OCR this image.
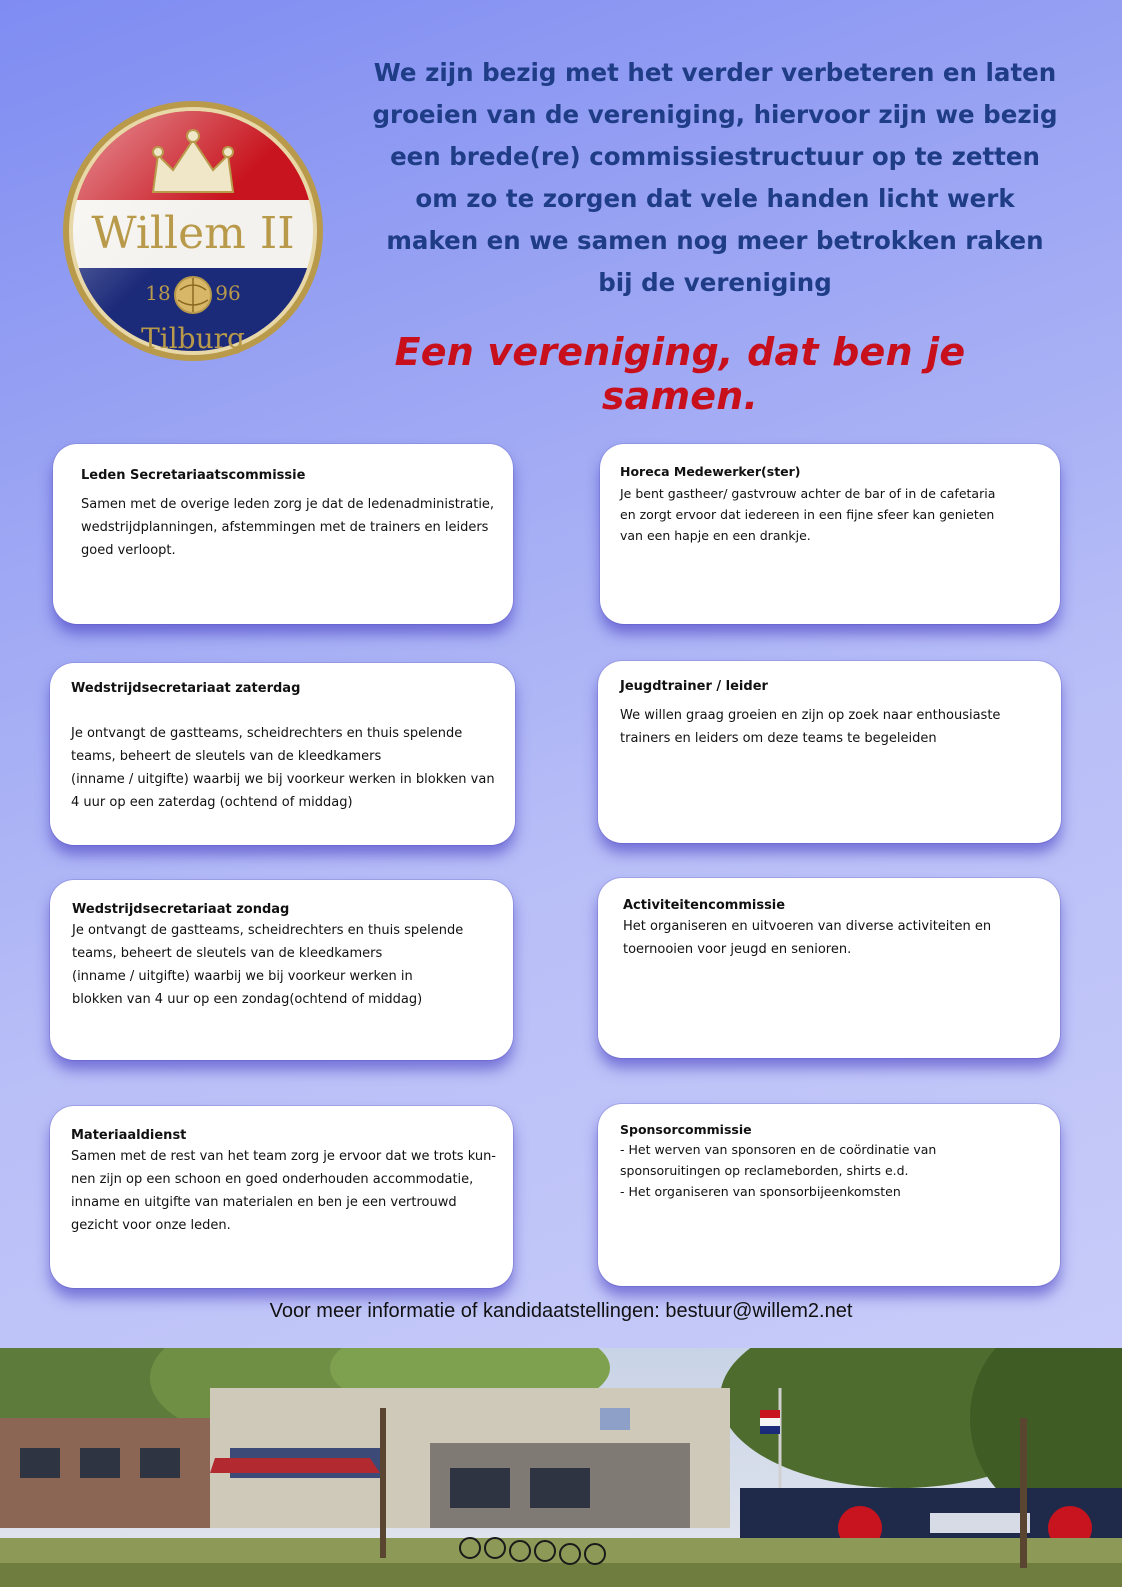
Willem II
18 96
Tilburg
We zijn bezig met het verder verbeteren en laten groeien van de vereniging, hiervoor zijn we bezig een brede(re) commissiestructuur op te zetten om zo te zorgen dat vele handen licht werk maken en we samen nog meer betrokken raken bij de vereniging
Een vereniging, dat ben je samen.
Leden Secretariaatscommissie

Samen met de overige leden zorg je dat de ledenadministratie,
wedstrijdplanningen, afstemmingen met de trainers en leiders
goed verloopt.

Horeca Medewerker(ster)

Je bent gastheer/ gastvrouw achter de bar of in de cafetaria
en zorgt ervoor dat iedereen in een fijne sfeer kan genieten
van een hapje en een drankje.

Wedstrijdsecretariaat zaterdag

Je ontvangt de gastteams, scheidrechters en thuis spelende
teams, beheert de sleutels van de kleedkamers
(inname / uitgifte) waarbij we bij voorkeur werken in blokken van
4 uur op een zaterdag (ochtend of middag)

Jeugdtrainer / leider

We willen graag groeien en zijn op zoek naar enthousiaste
trainers en leiders om deze teams te begeleiden

Wedstrijdsecretariaat zondag

Je ontvangt de gastteams, scheidrechters en thuis spelende
teams, beheert de sleutels van de kleedkamers
(inname / uitgifte) waarbij we bij voorkeur werken in
blokken van 4 uur op een zondag(ochtend of middag)

Activiteitencommissie

Het organiseren en uitvoeren van diverse activiteiten en
toernooien voor jeugd en senioren.

Materiaaldienst

Samen met de rest van het team zorg je ervoor dat we trots kun-
nen zijn op een schoon en goed onderhouden accommodatie,
inname en uitgifte van materialen en ben je een vertrouwd
gezicht voor onze leden.

Sponsorcommissie

- Het werven van sponsoren en de coördinatie van
sponsoruitingen op reclameborden, shirts e.d.
- Het organiseren van sponsorbijeenkomsten

Voor meer informatie of kandidaatstellingen: bestuur@willem2.net
